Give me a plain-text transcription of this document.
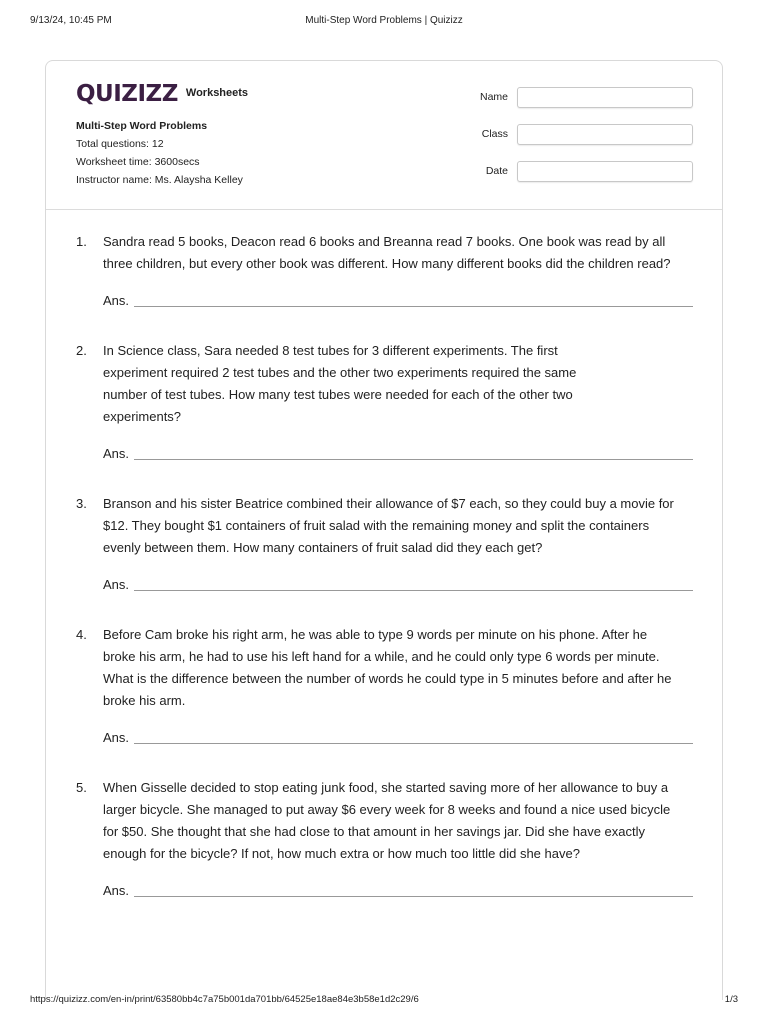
9/13/24, 10:45 PM	Multi-Step Word Problems | Quizizz
QUIZIZZ Worksheets
Multi-Step Word Problems
Total questions: 12
Worksheet time: 3600secs
Instructor name: Ms. Alaysha Kelley
Name
Class
Date
1. Sandra read 5 books, Deacon read 6 books and Breanna read 7 books. One book was read by all
three children, but every other book was different. How many different books did the children read?
Ans.
2. In Science class, Sara needed 8 test tubes for 3 different experiments. The first
experiment required 2 test tubes and the other two experiments required the same
number of test tubes. How many test tubes were needed for each of the other two
experiments?
Ans.
3. Branson and his sister Beatrice combined their allowance of $7 each, so they could buy a movie for
$12. They bought $1 containers of fruit salad with the remaining money and split the containers
evenly between them. How many containers of fruit salad did they each get?
Ans.
4. Before Cam broke his right arm, he was able to type 9 words per minute on his phone. After he
broke his arm, he had to use his left hand for a while, and he could only type 6 words per minute.
What is the difference between the number of words he could type in 5 minutes before and after he
broke his arm.
Ans.
5. When Gisselle decided to stop eating junk food, she started saving more of her allowance to buy a
larger bicycle. She managed to put away $6 every week for 8 weeks and found a nice used bicycle
for $50. She thought that she had close to that amount in her savings jar. Did she have exactly
enough for the bicycle? If not, how much extra or how much too little did she have?
Ans.
https://quizizz.com/en-in/print/63580bb4c7a75b001da701bb/64525e18ae84e3b58e1d2c29/6	1/3
